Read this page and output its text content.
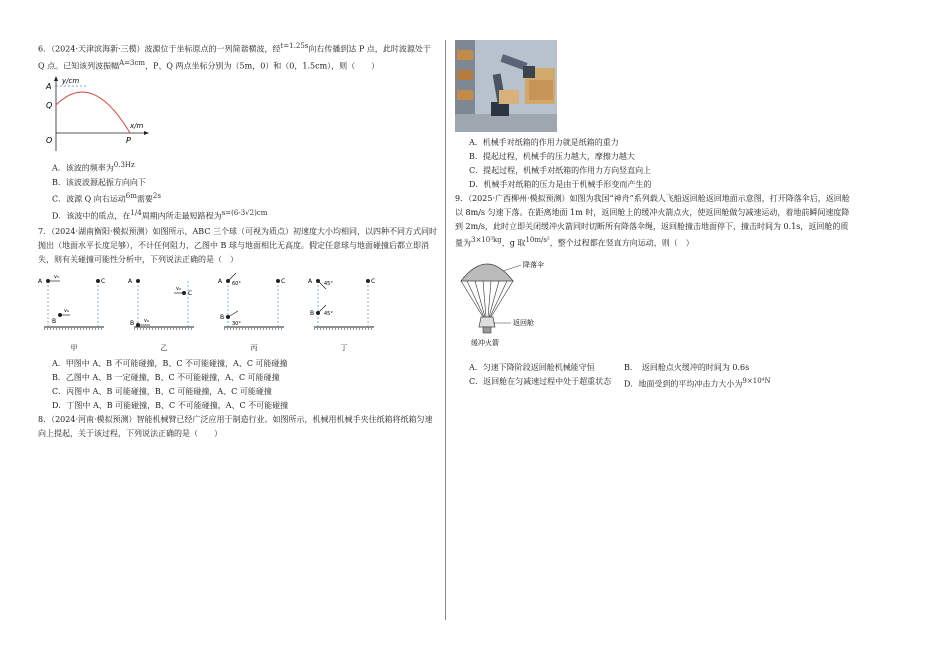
6．（2024·天津滨海新·三模）波源位于坐标原点的一列简谐横波，经t=1.25s向右传播到达 P 点，此时波源处于 Q 点。已知该列波振幅A=3cm，P、Q 两点坐标分别为（5m，0）和（0，1.5cm），则（　　）

y/cm
x/m
A
Q
O	P

A．该波的频率为0.3Hz

B．该波波源起振方向向下

C．波源 Q 向右运动6m需要2s

D．该波中的质点，在1/4周期内所走最短路程为s=(6-3√2)cm

7．（2024·湖南衡阳·模拟预测）如图所示，ABC 三个球（可视为质点）初速度大小均相同，以四种不同方式同时抛出（地面水平长度足够），不计任何阻力，乙图中 B 球与地面相比无高度。假定任意球与地面碰撞后都立即消失，则有关碰撞可能性分析中，下列说法正确的是（　）

A	C
B
v₀
v₀
甲
A
C
B
v₀
v₀
乙
A	C
B
60°
30°
丙
A	C
B
45°
45°
丁

A．甲图中 A、B 不可能碰撞，B、C 不可能碰撞，A、C 可能碰撞

B．乙图中 A、B 一定碰撞，B、C 不可能碰撞，A、C 可能碰撞

C．丙图中 A、B 可能碰撞，B、C 可能碰撞，A、C 可能碰撞

D．丁图中 A、B 可能碰撞，B、C 不可能碰撞，A、C 不可能碰撞

8．（2024·河南·模拟预测）智能机械臂已经广泛应用于制造行业。如图所示，机械用机械手夹住纸箱将纸箱匀速向上提起，关于该过程，下列说法正确的是（　　）

A．机械手对纸箱的作用力就是纸箱的重力

B．提起过程，机械手的压力越大，摩擦力越大

C．提起过程，机械手对纸箱的作用力方向竖直向上

D．机械手对纸箱的压力是由于机械手形变而产生的

9．（2025·广西柳州·模拟预测）如图为我国“神舟”系列载人飞船返回舱返回地面示意图，打开降落伞后，返回舱以 8m/s 匀速下落。在距离地面 1m 时，返回舱上的缓冲火箭点火，使返回舱做匀减速运动，着地前瞬间速度降到 2m/s，此时立即关闭缓冲火箭同时切断所有降落伞绳，返回舱撞击地面停下，撞击时间为 0.1s，返回舱的质量为3×10³kg，g 取10m/s²，整个过程都在竖直方向运动，则（　）

降落伞
返回舱
缓冲火箭

A．匀速下降阶段返回舱机械能守恒	B．　返回舱点火缓冲的时间为 0.6s

C．返回舱在匀减速过程中处于超重状态	D．地面受到的平均冲击力大小为9×10⁴N
